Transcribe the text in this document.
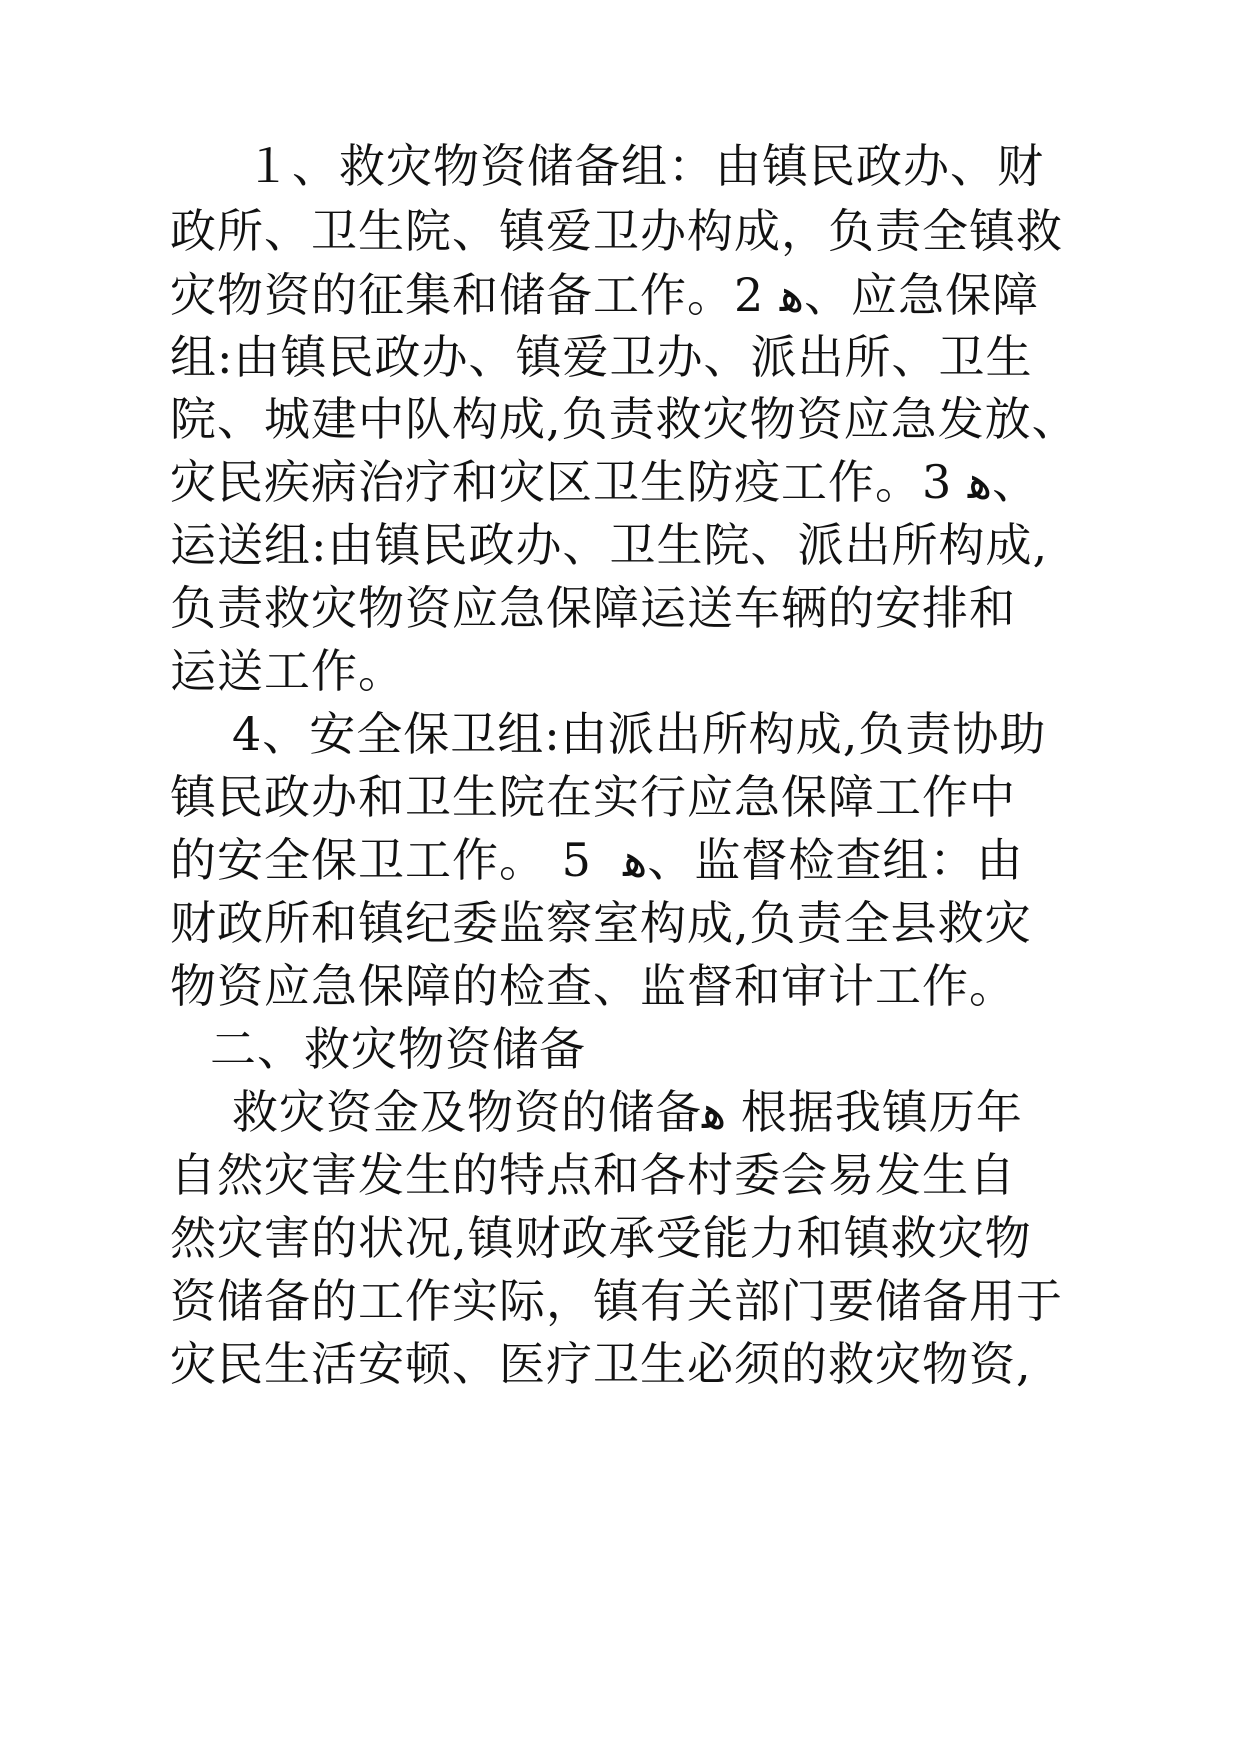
１、救灾物资储备组：由镇民政办、财
政所、卫生院、镇爱卫办构成，负责全镇救
灾物资的征集和储备工作。2 ﻿ﻫ、应急保障
组:由镇民政办、镇爱卫办、派出所、卫生
院、城建中队构成,负责救灾物资应急发放、
灾民疾病治疗和灾区卫生防疫工作。3 ﻿ﻫ、
运送组:由镇民政办、卫生院、派出所构成,
负责救灾物资应急保障运送车辆的安排和
运送工作。
4、安全保卫组:由派出所构成,负责协助
镇民政办和卫生院在实行应急保障工作中
的安全保卫工作。 5 ﻿ ﻫ、监督检查组：由
财政所和镇纪委监察室构成,负责全县救灾
物资应急保障的检查、监督和审计工作。
二、救灾物资储备
救灾资金及物资的储备ﻫ 根据我镇历年
自然灾害发生的特点和各村委会易发生自
然灾害的状况,镇财政承受能力和镇救灾物
资储备的工作实际，镇有关部门要储备用于
灾民生活安顿、医疗卫生必须的救灾物资,
